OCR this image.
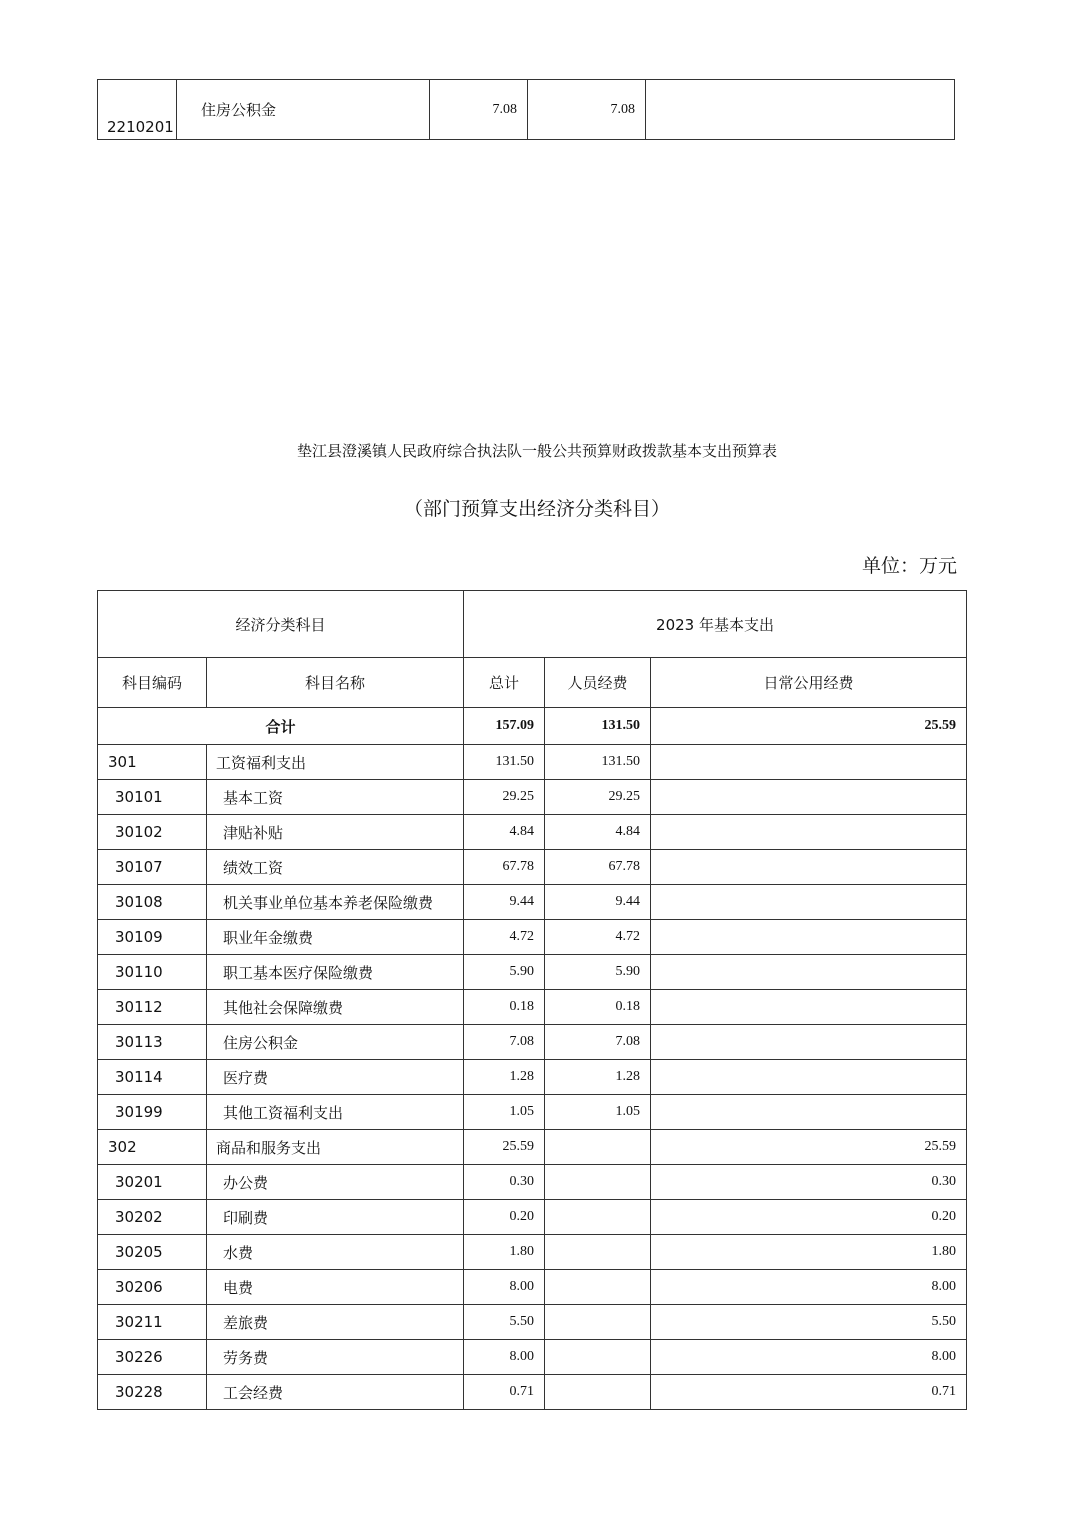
2210201	住房公积金	7.08	7.08	
垫江县澄溪镇人民政府综合执法队一般公共预算财政拨款基本支出预算表
（部门预算支出经济分类科目）
单位：万元
经济分类科目		2023 年基本支出		
科目编码	科目名称	总计	人员经费	日常公用经费
合计		157.09	131.50	25.59
301	工资福利支出	131.50	131.50	
30101	基本工资	29.25	29.25	
30102	津贴补贴	4.84	4.84	
30107	绩效工资	67.78	67.78	
30108	机关事业单位基本养老保险缴费	9.44	9.44	
30109	职业年金缴费	4.72	4.72	
30110	职工基本医疗保险缴费	5.90	5.90	
30112	其他社会保障缴费	0.18	0.18	
30113	住房公积金	7.08	7.08	
30114	医疗费	1.28	1.28	
30199	其他工资福利支出	1.05	1.05	
302	商品和服务支出	25.59		25.59
30201	办公费	0.30		0.30
30202	印刷费	0.20		0.20
30205	水费	1.80		1.80
30206	电费	8.00		8.00
30211	差旅费	5.50		5.50
30226	劳务费	8.00		8.00
30228	工会经费	0.71		0.71
